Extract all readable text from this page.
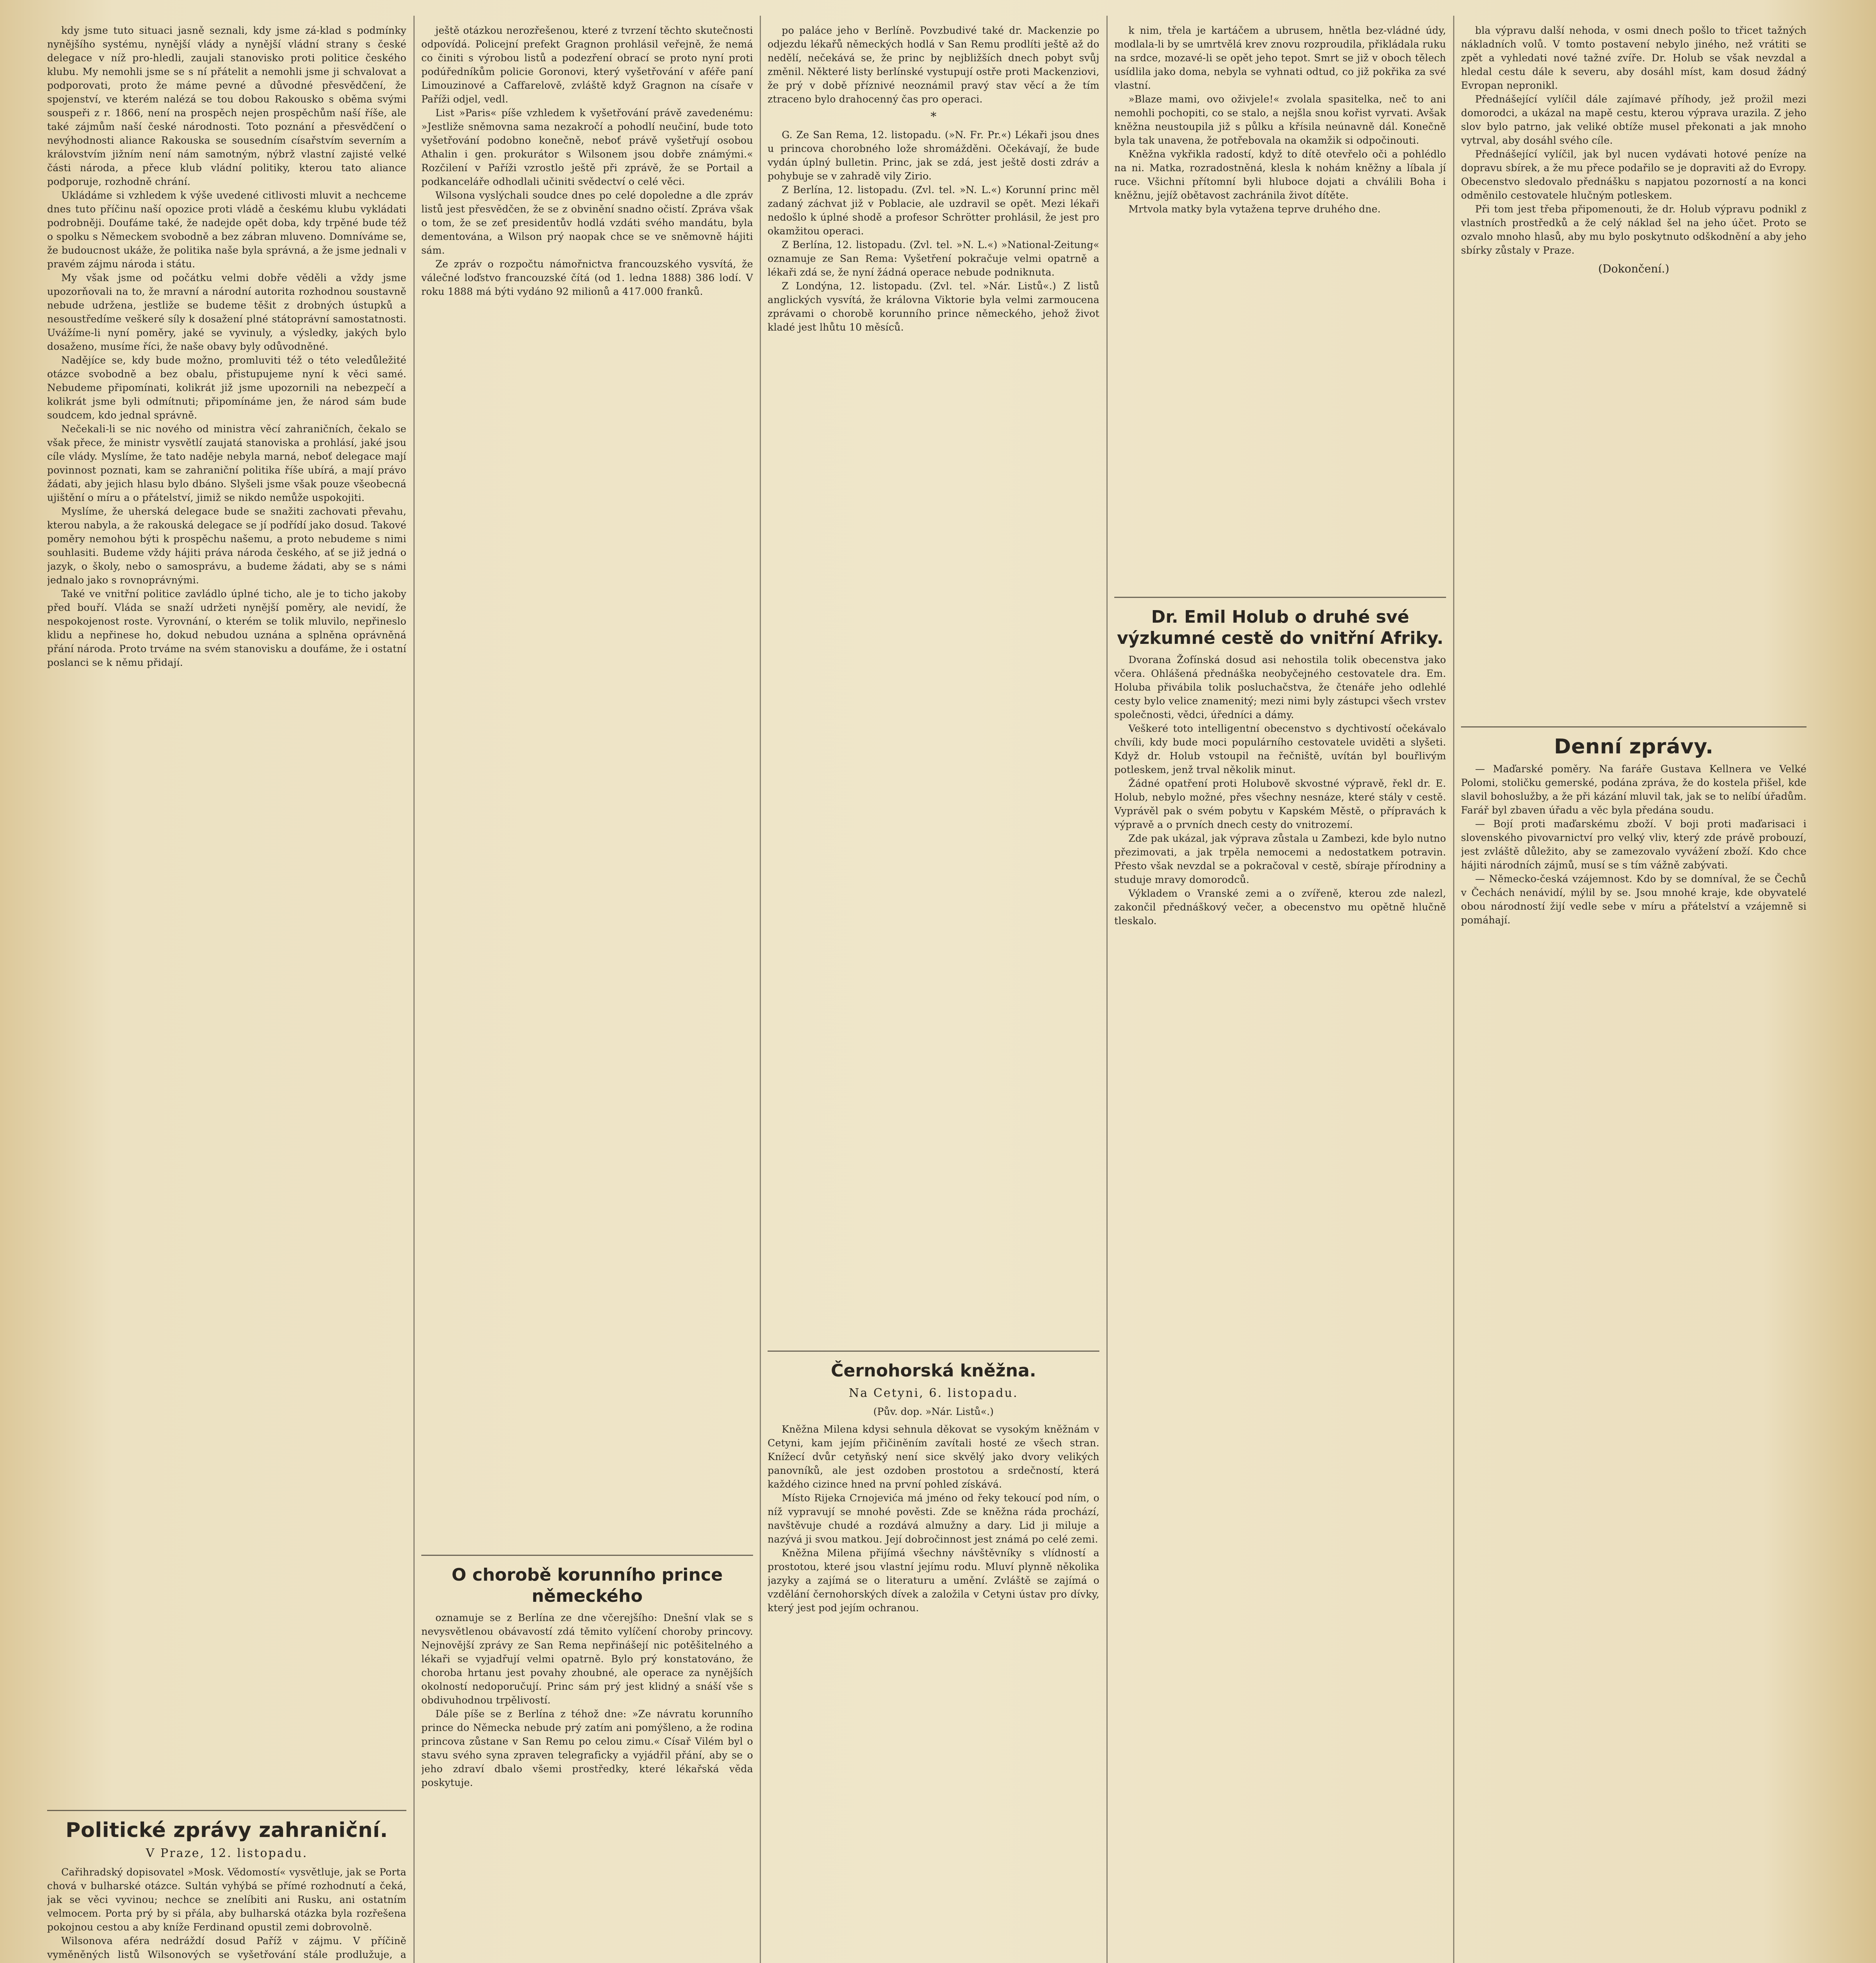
kdy jsme tuto situaci jasně seznali, kdy jsme zá-klad s podmínky nynějšího systému, nynější vlády a nynější vládní strany s české delegace v níž pro-hledli, zaujali stanovisko proti politice českého klubu. My nemohli jsme se s ní přátelit a nemohli jsme ji schvalovat a podporovati, proto že máme pevné a důvodné přesvědčení, že spojenství, ve kterém nalézá se tou dobou Rakousko s oběma svými souspeři z r. 1866, není na prospěch nejen prospěchům naší říše, ale také zájmům naší české národnosti. Toto poznání a přesvědčení o nevýhodnosti aliance Rakouska se sousedním císařstvím severním a královstvím jižním není nám samotným, nýbrž vlastní zajisté velké části národa, a přece klub vládní politiky, kterou tato aliance podporuje, rozhodně chrání.

Ukládáme si vzhledem k výše uvedené citlivosti mluvit a nechceme dnes tuto příčinu naší opozice proti vládě a českému klubu vykládati podrobněji. Doufáme také, že nadejde opět doba, kdy trpěné bude též o spolku s Německem svobodně a bez zábran mluveno. Domníváme se, že budoucnost ukáže, že politika naše byla správná, a že jsme jednali v pravém zájmu národa i státu.

My však jsme od počátku velmi dobře věděli a vždy jsme upozorňovali na to, že mravní a národní autorita rozhodnou soustavně nebude udržena, jestliže se budeme těšit z drobných ústupků a nesoustředíme veškeré síly k dosažení plné státoprávní samostatnosti. Uvážíme-li nyní poměry, jaké se vyvinuly, a výsledky, jakých bylo dosaženo, musíme říci, že naše obavy byly odůvodněné.

Nadějíce se, kdy bude možno, promluviti též o této veledůležité otázce svobodně a bez obalu, přistupujeme nyní k věci samé. Nebudeme připomínati, kolikrát již jsme upozornili na nebezpečí a kolikrát jsme byli odmítnuti; připomínáme jen, že národ sám bude soudcem, kdo jednal správně.

Nečekali-li se nic nového od ministra věcí zahraničních, čekalo se však přece, že ministr vysvětlí zaujatá stanoviska a prohlásí, jaké jsou cíle vlády. Myslíme, že tato naděje nebyla marná, neboť delegace mají povinnost poznati, kam se zahraniční politika říše ubírá, a mají právo žádati, aby jejich hlasu bylo dbáno. Slyšeli jsme však pouze všeobecná ujištění o míru a o přátelství, jimiž se nikdo nemůže uspokojiti.

Myslíme, že uherská delegace bude se snažiti zachovati převahu, kterou nabyla, a že rakouská delegace se jí podřídí jako dosud. Takové poměry nemohou býti k prospěchu našemu, a proto nebudeme s nimi souhlasiti. Budeme vždy hájiti práva národa českého, ať se již jedná o jazyk, o školy, nebo o samosprávu, a budeme žádati, aby se s námi jednalo jako s rovnoprávnými.

Také ve vnitřní politice zavládlo úplné ticho, ale je to ticho jakoby před bouří. Vláda se snaží udržeti nynější poměry, ale nevidí, že nespokojenost roste. Vyrovnání, o kterém se tolik mluvilo, nepřineslo klidu a nepřinese ho, dokud nebudou uznána a splněna oprávněná přání národa. Proto trváme na svém stanovisku a doufáme, že i ostatní poslanci se k němu přidají.

Politické zprávy zahraniční.
V Praze, 12. listopadu.

Cařihradský dopisovatel »Mosk. Vědomostí« vysvětluje, jak se Porta chová v bulharské otázce. Sultán vyhýbá se přímé rozhodnutí a čeká, jak se věci vyvinou; nechce se znelíbiti ani Rusku, ani ostatním velmocem. Porta prý by si přála, aby bulharská otázka byla rozřešena pokojnou cestou a aby kníže Ferdinand opustil zemi dobrovolně.

Wilsonova aféra nedráždí dosud Paříž v zájmu. V příčině vyměněných listů Wilsonových se vyšetřování stále prodlužuje, a

ještě otázkou nerozřešenou, které z tvrzení těchto skutečnosti odpovídá. Policejní prefekt Gragnon prohlásil veřejně, že nemá co činiti s výrobou listů a podezření obrací se proto nyní proti podúředníkům policie Goronovi, který vyšetřování v aféře paní Limouzinové a Caffarelově, zvláště když Gragnon na císaře v Paříži odjel, vedl.

List »Paris« píše vzhledem k vyšetřování právě zavedenému: »Jestliže sněmovna sama nezakročí a pohodlí neučiní, bude toto vyšetřování podobno konečně, neboť právě vyšetřují osobou Athalin i gen. prokurátor s Wilsonem jsou dobře známými.« Rozčilení v Paříži vzrostlo ještě při zprávě, že se Portail a podkanceláře odhodlali učiniti svědectví o celé věci.

Wilsona vyslýchali soudce dnes po celé dopoledne a dle zpráv listů jest přesvědčen, že se z obvinění snadno očistí. Zpráva však o tom, že se zeť presidentův hodlá vzdáti svého mandátu, byla dementována, a Wilson prý naopak chce se ve sněmovně hájiti sám.

Ze zpráv o rozpočtu námořnictva francouzského vysvítá, že válečné loďstvo francouzské čítá (od 1. ledna 1888) 386 lodí. V roku 1888 má býti vydáno 92 milionů a 417.000 franků.

O chorobě korunního prince německého

oznamuje se z Berlína ze dne včerejšího: Dnešní vlak se s nevysvětlenou obávavostí zdá těmito vylíčení choroby princovy. Nejnovější zprávy ze San Rema nepřinášejí nic potěšitelného a lékaři se vyjadřují velmi opatrně. Bylo prý konstatováno, že choroba hrtanu jest povahy zhoubné, ale operace za nynějších okolností nedoporučují. Princ sám prý jest klidný a snáší vše s obdivuhodnou trpělivostí.

Dále píše se z Berlína z téhož dne: »Ze návratu korunního prince do Německa nebude prý zatím ani pomýšleno, a že rodina princova zůstane v San Remu po celou zimu.« Císař Vilém byl o stavu svého syna zpraven telegraficky a vyjádřil přání, aby se o jeho zdraví dbalo všemi prostředky, které lékařská věda poskytuje.

po paláce jeho v Berlíně. Povzbudivé také dr. Mackenzie po odjezdu lékařů německých hodlá v San Remu prodlíti ještě až do nedělí, nečekává se, že princ by nejbližších dnech pobyt svůj změnil. Některé listy berlínské vystupují ostře proti Mackenziovi, že prý v době příznivé neoznámil pravý stav věcí a že tím ztraceno bylo drahocenný čas pro operaci.

*

G. Ze San Rema, 12. listopadu. (»N. Fr. Pr.«) Lékaři jsou dnes u princova chorobného lože shromážděni. Očekávají, že bude vydán úplný bulletin. Princ, jak se zdá, jest ještě dosti zdráv a pohybuje se v zahradě vily Zirio.

Z Berlína, 12. listopadu. (Zvl. tel. »N. L.«) Korunní princ měl zadaný záchvat již v Poblacie, ale uzdravil se opět. Mezi lékaři nedošlo k úplné shodě a profesor Schrötter prohlásil, že jest pro okamžitou operaci.

Z Berlína, 12. listopadu. (Zvl. tel. »N. L.«) »National-Zeitung« oznamuje ze San Rema: Vyšetření pokračuje velmi opatrně a lékaři zdá se, že nyní žádná operace nebude podniknuta.

Z Londýna, 12. listopadu. (Zvl. tel. »Nár. Listů«.) Z listů anglických vysvítá, že královna Viktorie byla velmi zarmoucena zprávami o chorobě korunního prince německého, jehož život kladé jest lhůtu 10 měsíců.

Černohorská kněžna.
Na Cetyni, 6. listopadu.
(Pův. dop. »Nár. Listů«.)

Kněžna Milena kdysi sehnula děkovat se vysokým kněžnám v Cetyni, kam jejím přičiněním zavítali hosté ze všech stran. Knížecí dvůr cetyňský není sice skvělý jako dvory velikých panovníků, ale jest ozdoben prostotou a srdečností, která každého cizince hned na první pohled získává.

Místo Rijeka Crnojevića má jméno od řeky tekoucí pod ním, o níž vypravují se mnohé pověsti. Zde se kněžna ráda prochází, navštěvuje chudé a rozdává almužny a dary. Lid ji miluje a nazývá ji svou matkou. Její dobročinnost jest známá po celé zemi.

Kněžna Milena přijímá všechny návštěvníky s vlídností a prostotou, které jsou vlastní jejímu rodu. Mluví plynně několika jazyky a zajímá se o literaturu a umění. Zvláště se zajímá o vzdělání černohorských dívek a založila v Cetyni ústav pro dívky, který jest pod jejím ochranou.

k nim, třela je kartáčem a ubrusem, hnětla bez-vládné údy, modlala-li by se umrtvělá krev znovu rozproudila, přikládala ruku na srdce, mozavé-li se opět jeho tepot. Smrt se již v oboch tělech usídlila jako doma, nebyla se vyhnati odtud, co již pokřika za své vlastní.

»Blaze mami, ovo oživjele!« zvolala spasitelka, neč to ani nemohli pochopiti, co se stalo, a nejšla snou kořist vyrvati. Avšak kněžna neustoupila již s půlku a křísila neúnavně dál. Konečně byla tak unavena, že potřebovala na okamžik si odpočinouti.

Kněžna vykřikla radostí, když to dítě otevřelo oči a pohlédlo na ni. Matka, rozradostněná, klesla k nohám kněžny a líbala jí ruce. Všichni přítomní byli hluboce dojati a chválili Boha i kněžnu, jejíž obětavost zachránila život dítěte.

Mrtvola matky byla vytažena teprve druhého dne.

Dr. Emil Holub o druhé své výzkumné cestě do vnitřní Afriky.

Dvorana Žofínská dosud asi nehostila tolik obecenstva jako včera. Ohlášená přednáška neobyčejného cestovatele dra. Em. Holuba přivábila tolik posluchačstva, že čtenáře jeho odlehlé cesty bylo velice znamenitý; mezi nimi byly zástupci všech vrstev společnosti, vědci, úředníci a dámy.

Veškeré toto intelligentní obecenstvo s dychtivostí očekávalo chvíli, kdy bude moci populárního cestovatele uviděti a slyšeti. Když dr. Holub vstoupil na řečniště, uvítán byl bouřlivým potleskem, jenž trval několik minut.

Žádné opatření proti Holubově skvostné výpravě, řekl dr. E. Holub, nebylo možné, přes všechny nesnáze, které stály v cestě. Vyprávěl pak o svém pobytu v Kapském Městě, o přípravách k výpravě a o prvních dnech cesty do vnitrozemí.

Zde pak ukázal, jak výprava zůstala u Zambezi, kde bylo nutno přezimovati, a jak trpěla nemocemi a nedostatkem potravin. Přesto však nevzdal se a pokračoval v cestě, sbíraje přírodniny a studuje mravy domorodců.

Výkladem o Vranské zemi a o zvířeně, kterou zde nalezl, zakončil přednáškový večer, a obecenstvo mu opětně hlučně tleskalo.

bla výpravu další nehoda, v osmi dnech pošlo to třicet tažných nákladních volů. V tomto postavení nebylo jiného, než vrátiti se zpět a vyhledati nové tažné zvíře. Dr. Holub se však nevzdal a hledal cestu dále k severu, aby dosáhl míst, kam dosud žádný Evropan nepronikl.

Přednášející vylíčil dále zajímavé příhody, jež prožil mezi domorodci, a ukázal na mapě cestu, kterou výprava urazila. Z jeho slov bylo patrno, jak veliké obtíže musel překonati a jak mnoho vytrval, aby dosáhl svého cíle.

Přednášející vylíčil, jak byl nucen vydávati hotové peníze na dopravu sbírek, a že mu přece podařilo se je dopraviti až do Evropy. Obecenstvo sledovalo přednášku s napjatou pozorností a na konci odměnilo cestovatele hlučným potleskem.

Při tom jest třeba připomenouti, že dr. Holub výpravu podnikl z vlastních prostředků a že celý náklad šel na jeho účet. Proto se ozvalo mnoho hlasů, aby mu bylo poskytnuto odškodnění a aby jeho sbírky zůstaly v Praze.

(Dokončení.)
Denní zprávy.

— Maďarské poměry. Na faráře Gustava Kellnera ve Velké Polomi, stoličku gemerské, podána zpráva, že do kostela přišel, kde slavil bohoslužby, a že při kázání mluvil tak, jak se to nelíbí úřadům. Farář byl zbaven úřadu a věc byla předána soudu.

— Bojí proti maďarskému zboží. V boji proti maďarisaci i slovenského pivovarnictví pro velký vliv, který zde právě probouzí, jest zvláště důležito, aby se zamezovalo vyvážení zboží. Kdo chce hájiti národních zájmů, musí se s tím vážně zabývati.

— Německo-česká vzájemnost. Kdo by se domníval, že se Čechů v Čechách nenávidí, mýlil by se. Jsou mnohé kraje, kde obyvatelé obou národností žijí vedle sebe v míru a přátelství a vzájemně si pomáhají.
